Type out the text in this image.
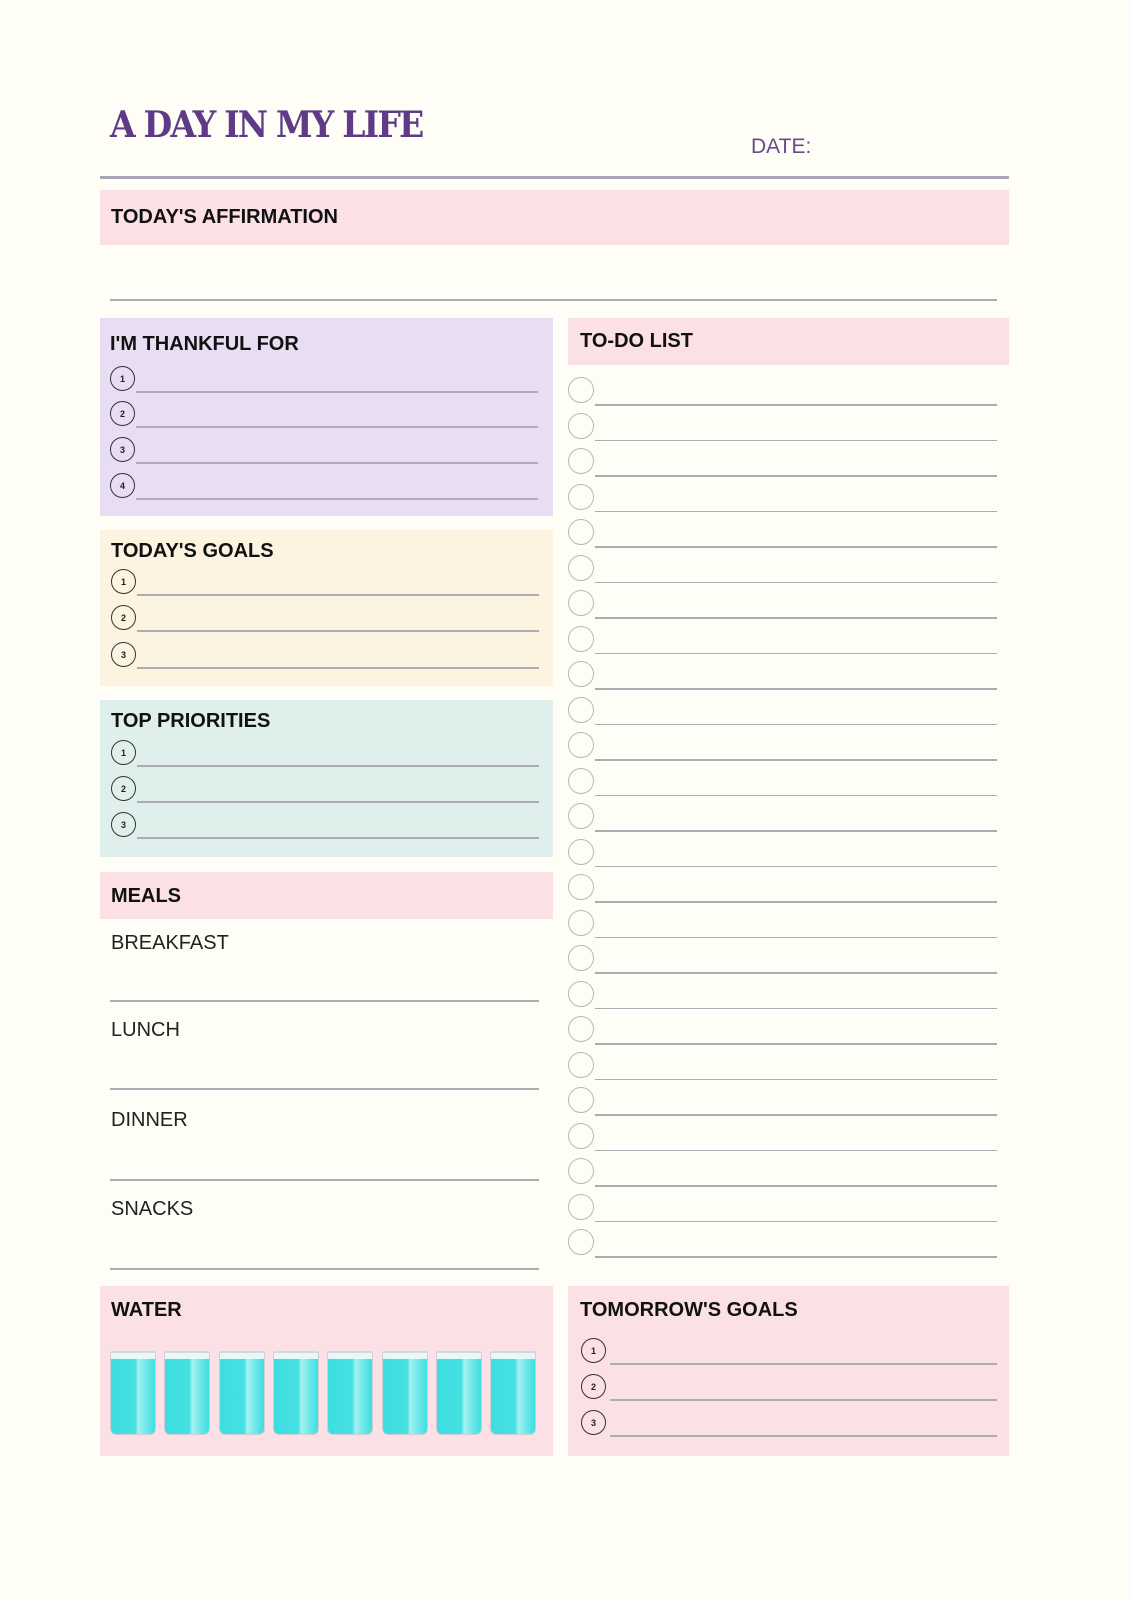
A DAY IN MY LIFE
DATE:
TODAY'S AFFIRMATION
I'M THANKFUL FOR
TODAY'S GOALS
TOP PRIORITIES
MEALS
WATER
TO-DO LIST
TOMORROW'S GOALS
1
2
3
4
1
2
3
1
2
3
1
2
3
BREAKFAST
LUNCH
DINNER
SNACKS
